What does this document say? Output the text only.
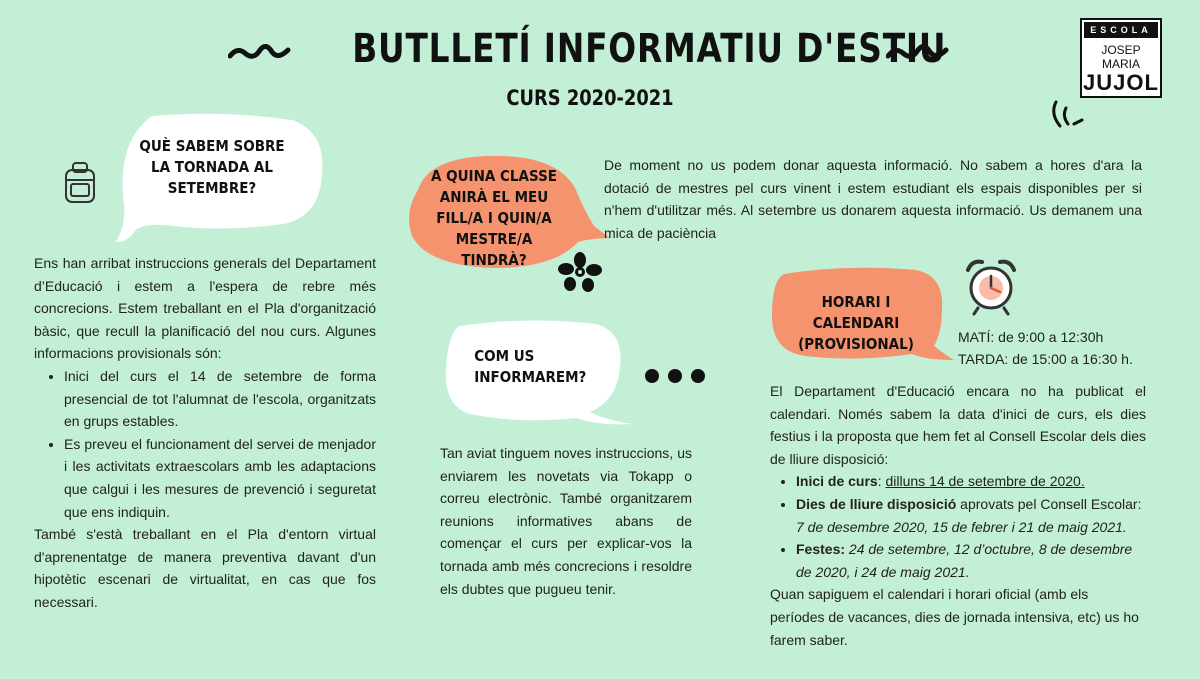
BUTLLETÍ INFORMATIU D'ESTIU
CURS 2020-2021
ESCOLA
JOSEP MARIA
JUJOL
QUÈ SABEM SOBRE LA TORNADA AL SETEMBRE?

Ens han arribat instruccions generals del Departament d’Educació i estem a l'espera de rebre més concrecions. Estem treballant en el Pla d'organització bàsic, que recull la planificació del nou curs. Algunes informacions provisionals són:

• Inici del curs el 14 de setembre de forma presencial de tot l'alumnat de l'escola, organitzats en grups estables.
• Es preveu el funcionament del servei de menjador i les activitats extraescolars amb les adaptacions que calgui i les mesures de prevenció i seguretat que ens indiquin.

També s'està treballant en el Pla d'entorn virtual d'aprenentatge de manera preventiva davant d'un hipotètic escenari de virtualitat, en cas que fos necessari.

A QUINA CLASSE ANIRÀ EL MEU FILL/A I QUIN/A MESTRE/A TINDRÀ?
De moment no us podem donar aquesta informació. No sabem a hores d'ara la dotació de mestres pel curs vinent i estem estudiant els espais disponibles per si n'hem d'utilitzar més. Al setembre us donarem aquesta informació. Us demanem una mica de paciència
COM US INFORMAREM?
Tan aviat tinguem noves instruccions, us enviarem les novetats via Tokapp o correu electrònic. També organitzarem reunions informatives abans de començar el curs per explicar-vos la tornada amb més concrecions i resoldre els dubtes que pugueu tenir.
HORARI I CALENDARI (PROVISIONAL)	MATÍ: de 9:00 a 12:30h
TARDA: de 15:00 a 16:30 h.

El Departament d'Educació encara no ha publicat el calendari. Només sabem la data d'inici de curs, els dies festius i la proposta que hem fet al Consell Escolar dels dies de lliure disposició:

• Inici de curs: dilluns 14 de setembre de 2020.
• Dies de lliure disposició aprovats pel Consell Escolar:
7 de desembre 2020, 15 de febrer i 21 de maig 2021.
• Festes: 24 de setembre, 12 d’octubre, 8 de desembre de 2020, i 24 de maig 2021.

Quan sapiguem el calendari i horari oficial (amb els períodes de vacances, dies de jornada intensiva, etc) us ho farem saber.
